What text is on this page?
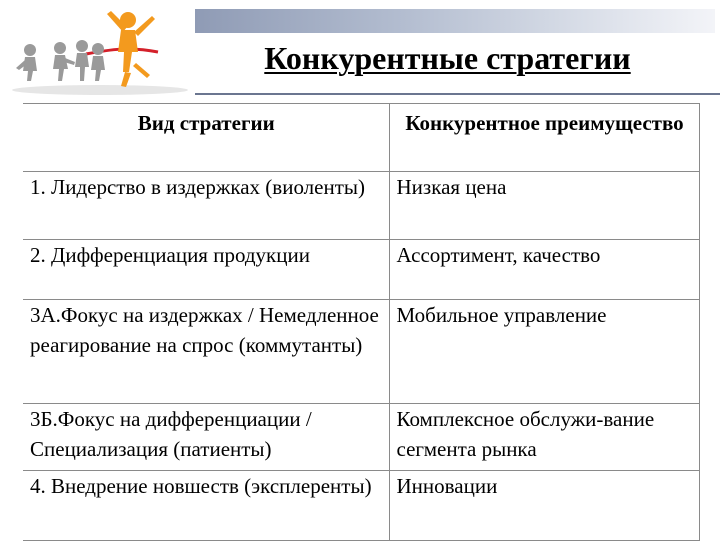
Конкурентные стратегии
Вид стратегии	Конкурентное преимущество
1. Лидерство в издержках (виоленты)	Низкая цена
2. Дифференциация продукции	Ассортимент, качество
3А.Фокус на издержках / Немедленное реагирование на спрос (коммутанты)	Мобильное управление
3Б.Фокус на дифференциации /Специализация (патиенты)	Комплексное обслужи-вание сегмента рынка
4. Внедрение новшеств (эксплеренты)	Инновации
